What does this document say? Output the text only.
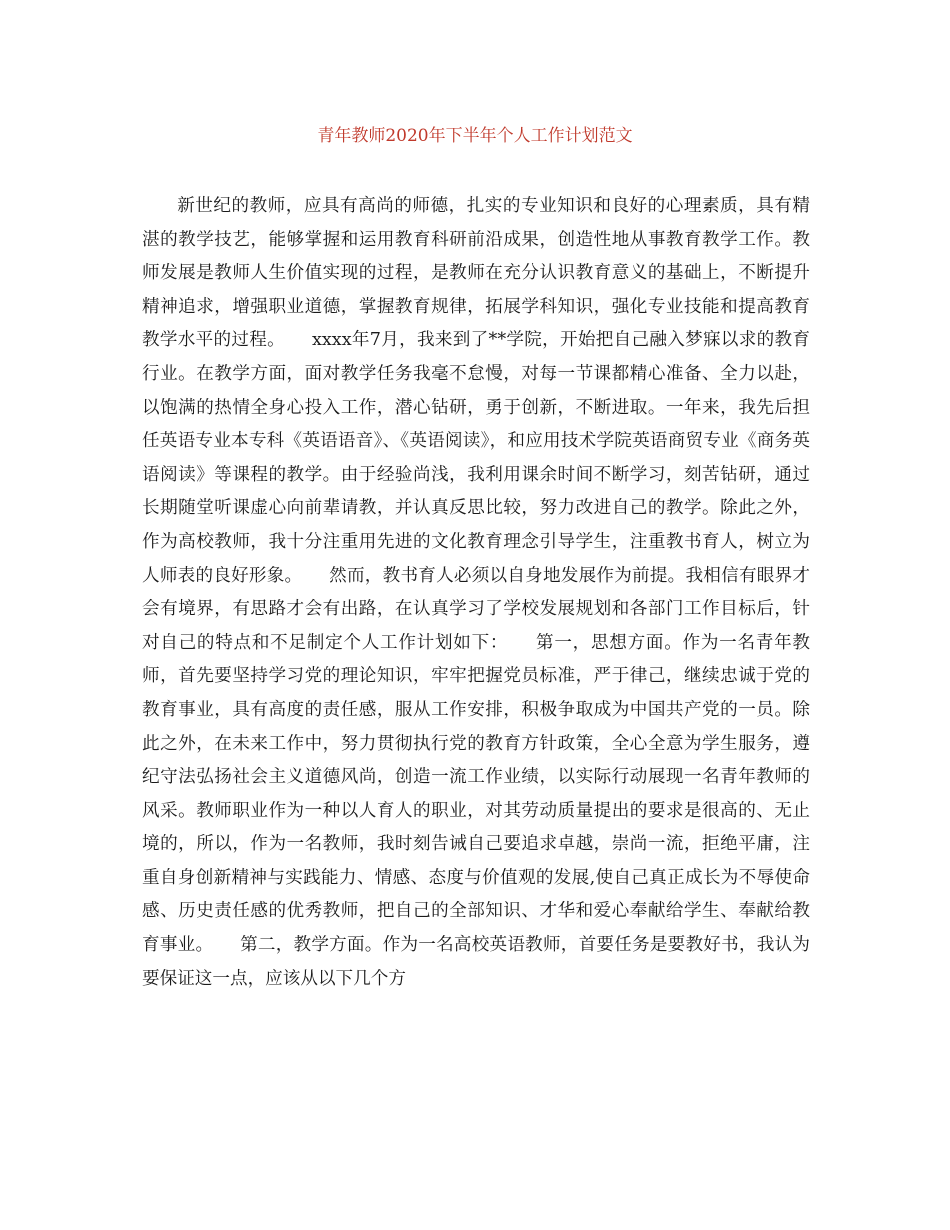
青年教师2020年下半年个人工作计划范文

新世纪的教师，应具有高尚的师德，扎实的专业知识和良好的心理素质，具有精湛的教学技艺，能够掌握和运用教育科研前沿成果，创造性地从事教育教学工作。教师发展是教师人生价值实现的过程，是教师在充分认识教育意义的基础上，不断提升精神追求，增强职业道德，掌握教育规律，拓展学科知识，强化专业技能和提高教育教学水平的过程。　　xxxx年7月，我来到了**学院，开始把自己融入梦寐以求的教育行业。在教学方面，面对教学任务我毫不怠慢，对每一节课都精心准备、全力以赴，以饱满的热情全身心投入工作，潜心钻研，勇于创新，不断进取。一年来，我先后担任英语专业本专科《英语语音》、《英语阅读》，和应用技术学院英语商贸专业《商务英语阅读》等课程的教学。由于经验尚浅，我利用课余时间不断学习，刻苦钻研，通过长期随堂听课虚心向前辈请教，并认真反思比较，努力改进自己的教学。除此之外，作为高校教师，我十分注重用先进的文化教育理念引导学生，注重教书育人，树立为人师表的良好形象。　　然而，教书育人必须以自身地发展作为前提。我相信有眼界才会有境界，有思路才会有出路，在认真学习了学校发展规划和各部门工作目标后，针对自己的特点和不足制定个人工作计划如下：　　第一，思想方面。作为一名青年教师，首先要坚持学习党的理论知识，牢牢把握党员标准，严于律己，继续忠诚于党的教育事业，具有高度的责任感，服从工作安排，积极争取成为中国共产党的一员。除此之外，在未来工作中，努力贯彻执行党的教育方针政策，全心全意为学生服务，遵纪守法弘扬社会主义道德风尚，创造一流工作业绩，以实际行动展现一名青年教师的风采。教师职业作为一种以人育人的职业，对其劳动质量提出的要求是很高的、无止境的，所以，作为一名教师，我时刻告诫自己要追求卓越，崇尚一流，拒绝平庸，注重自身创新精神与实践能力、情感、态度与价值观的发展,使自己真正成长为不辱使命感、历史责任感的优秀教师，把自己的全部知识、才华和爱心奉献给学生、奉献给教育事业。　　第二，教学方面。作为一名高校英语教师，首要任务是要教好书，我认为要保证这一点，应该从以下几个方
